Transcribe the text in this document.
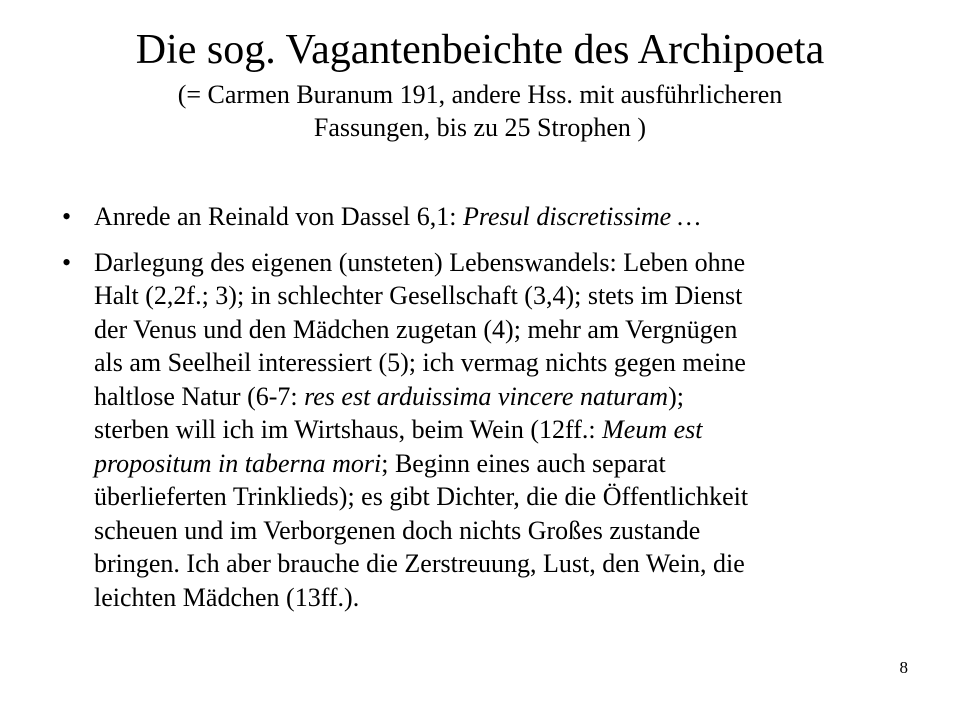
Die sog. Vagantenbeichte des Archipoeta

(= Carmen Buranum 191, andere Hss. mit ausführlicheren
Fassungen, bis zu 25 Strophen )

• Anrede an Reinald von Dassel 6,1: Presul discretissime …
• Darlegung des eigenen (unsteten) Lebenswandels: Leben ohne
Halt (2,2f.; 3); in schlechter Gesellschaft (3,4); stets im Dienst
der Venus und den Mädchen zugetan (4); mehr am Vergnügen
als am Seelheil interessiert (5); ich vermag nichts gegen meine
haltlose Natur (6-7: res est arduissima vincere naturam);
sterben will ich im Wirtshaus, beim Wein (12ff.: Meum est
propositum in taberna mori; Beginn eines auch separat
überlieferten Trinklieds); es gibt Dichter, die die Öffentlichkeit
scheuen und im Verborgenen doch nichts Großes zustande
bringen. Ich aber brauche die Zerstreuung, Lust, den Wein, die
leichten Mädchen (13ff.).
8
